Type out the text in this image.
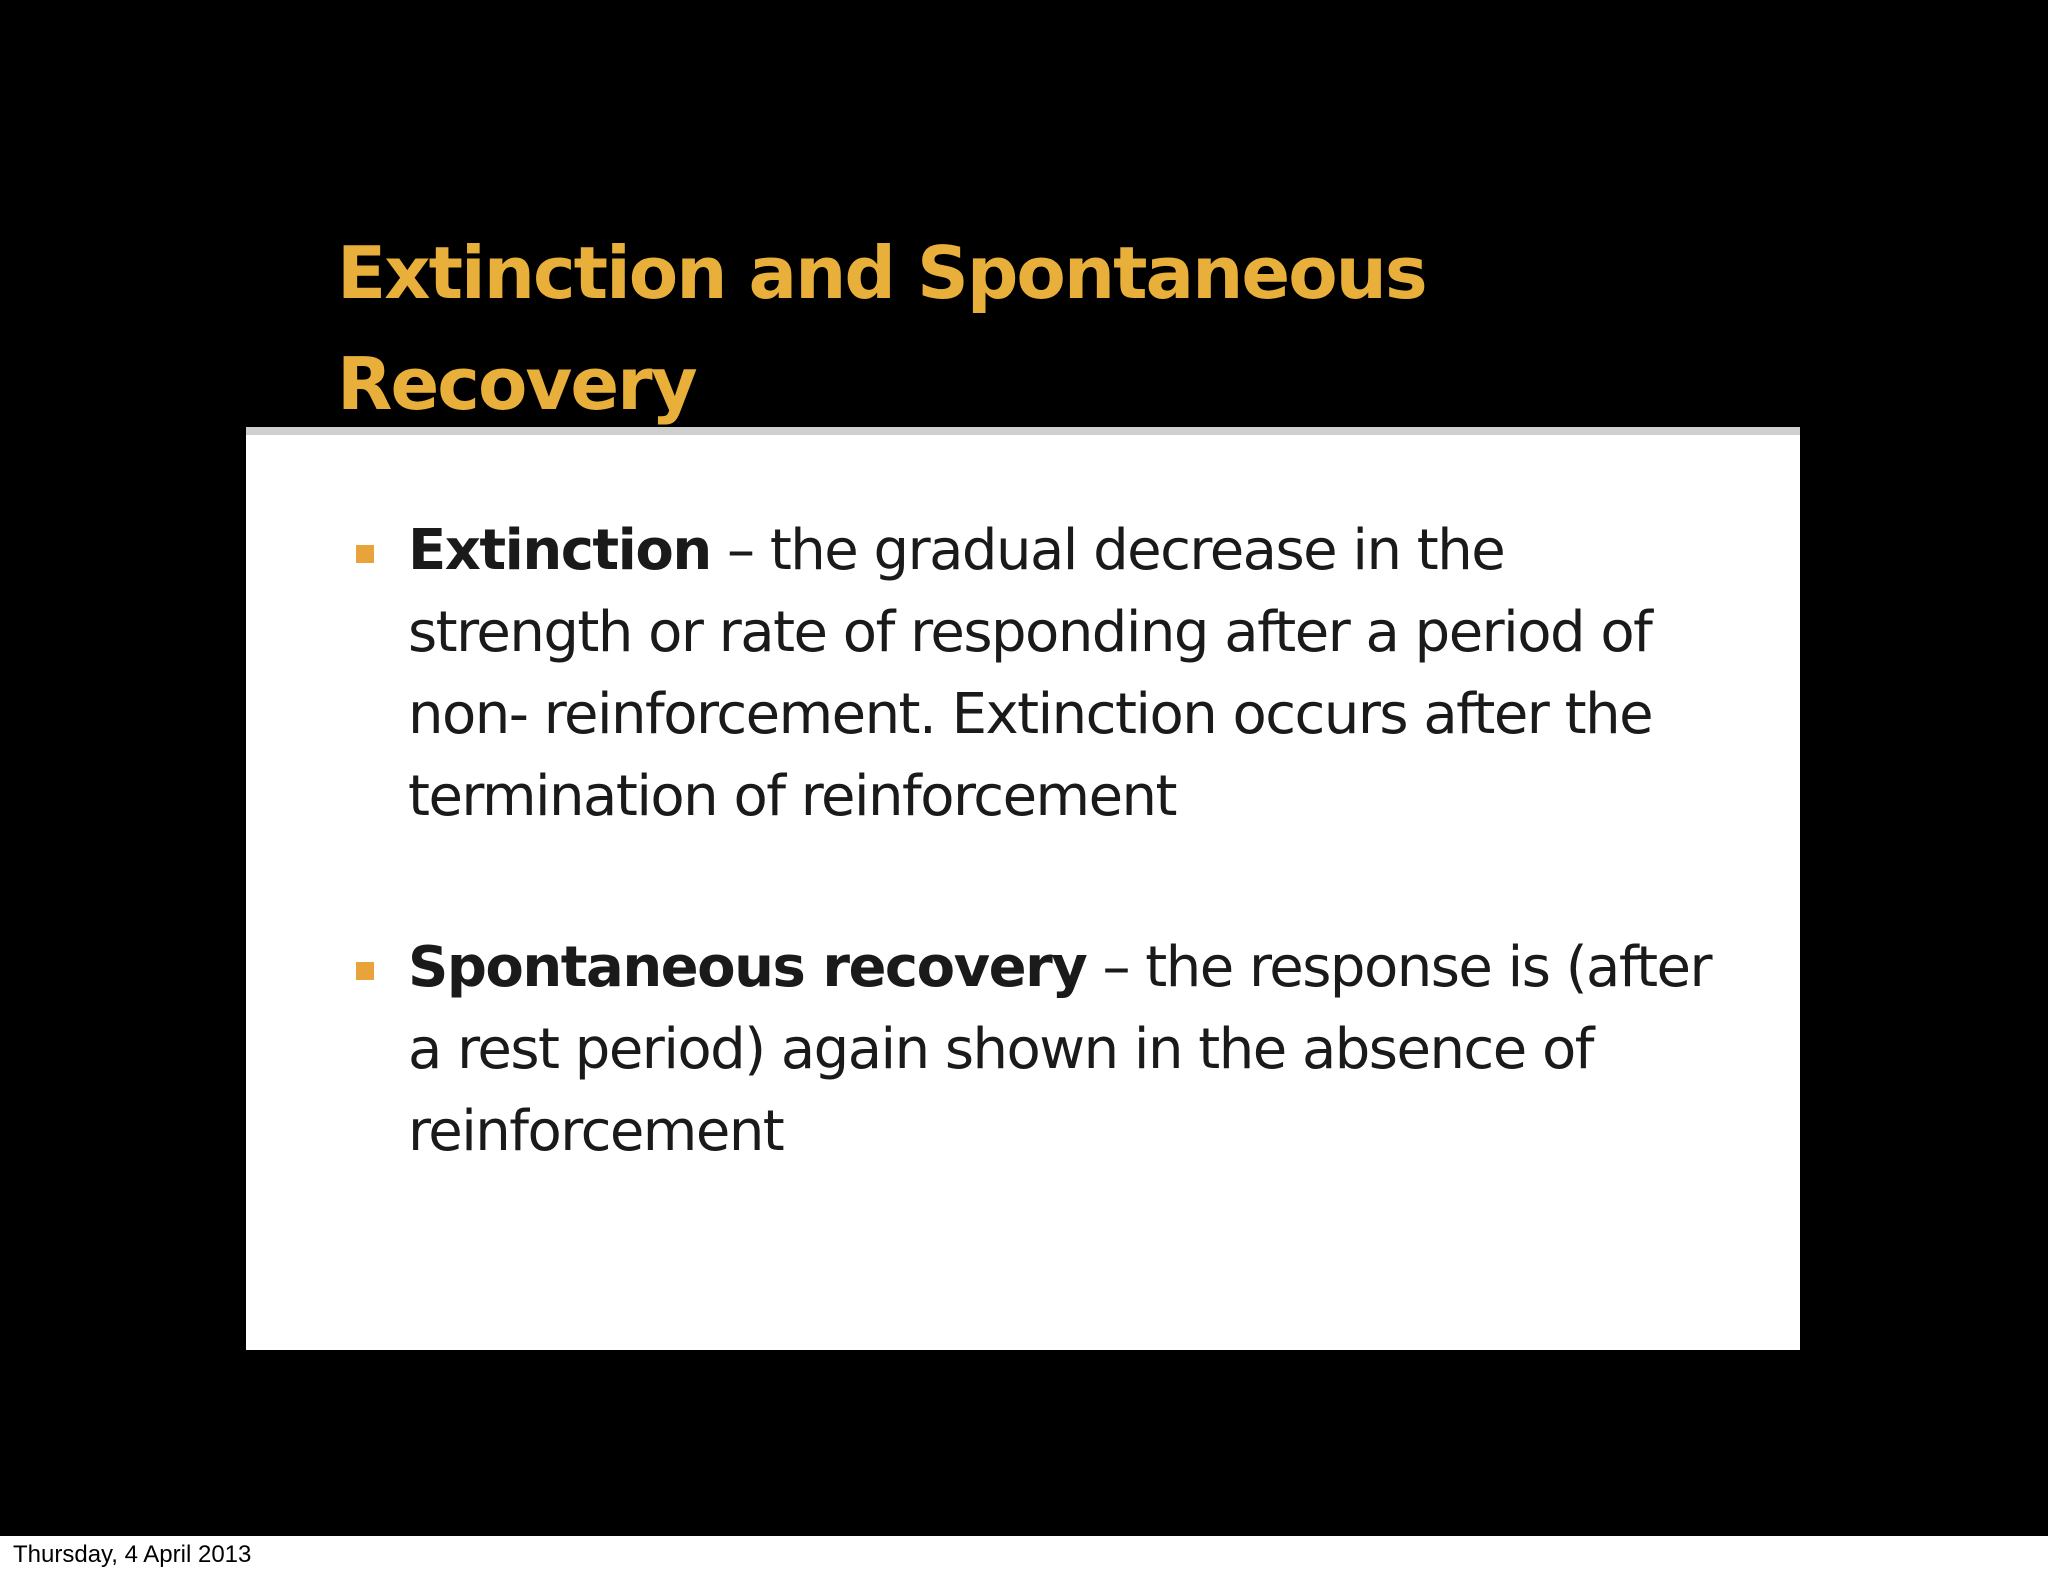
Extinction and Spontaneous Recovery

Extinction – the gradual decrease in the strength or rate of responding after a period of non- reinforcement. Extinction occurs after the termination of reinforcement

Spontaneous recovery – the response is (after a rest period) again shown in the absence of reinforcement

Thursday, 4 April 2013
